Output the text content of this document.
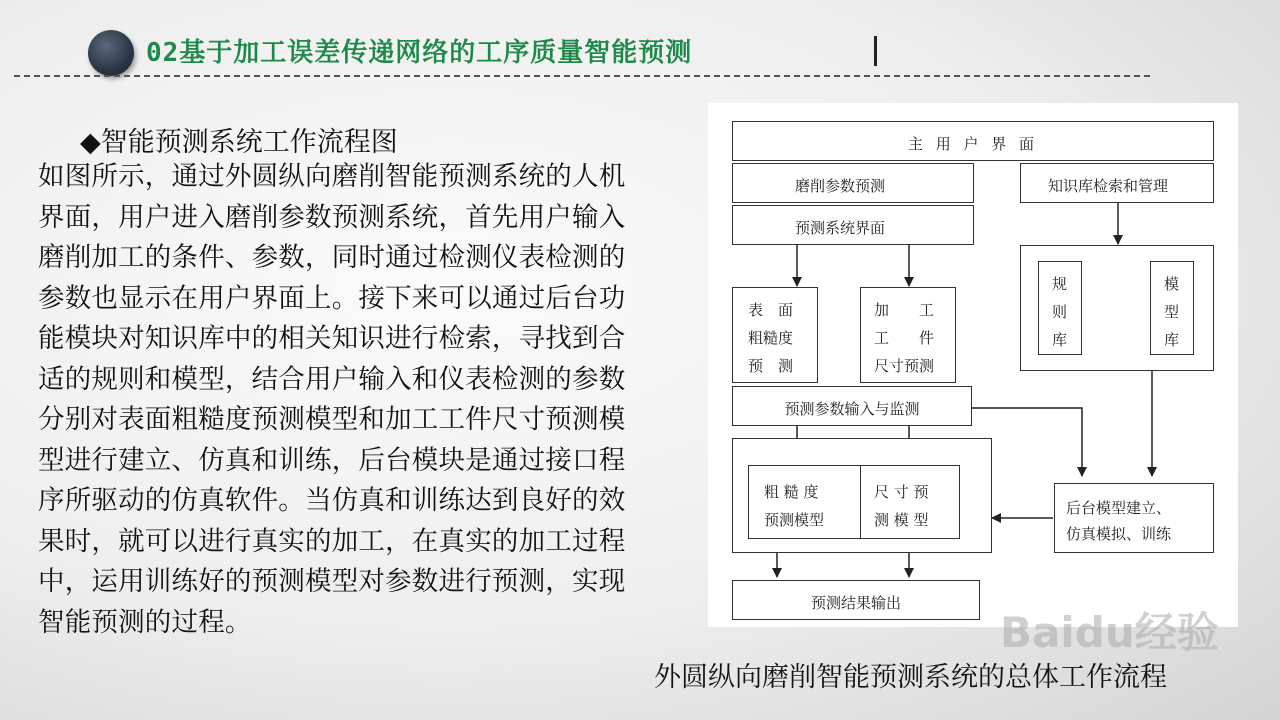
02基于加工误差传递网络的工序质量智能预测
◆智能预测系统工作流程图

如图所示，通过外圆纵向磨削智能预测系统的人机界面，用户进入磨削参数预测系统，首先用户输入磨削加工的条件、参数，同时通过检测仪表检测的参数也显示在用户界面上。接下来可以通过后台功能模块对知识库中的相关知识进行检索，寻找到合适的规则和模型，结合用户输入和仪表检测的参数分别对表面粗糙度预测模型和加工工件尺寸预测模型进行建立、仿真和训练，后台模块是通过接口程序所驱动的仿真软件。当仿真和训练达到良好的效果时，就可以进行真实的加工，在真实的加工过程中，运用训练好的预测模型对参数进行预测，实现智能预测的过程。

主 用 户 界 面
磨削参数预测	知识库检索和管理
预测系统界面
规
则
库
模
型
库
表　面
粗糙度
预　测
加　　工
工　　件
尺寸预测
预测参数输入与监测
粗 糙 度
预测模型
尺 寸 预
测 模 型
后台模型建立、
仿真模拟、训练
预测结果输出
Baidu经验
外圆纵向磨削智能预测系统的总体工作流程
